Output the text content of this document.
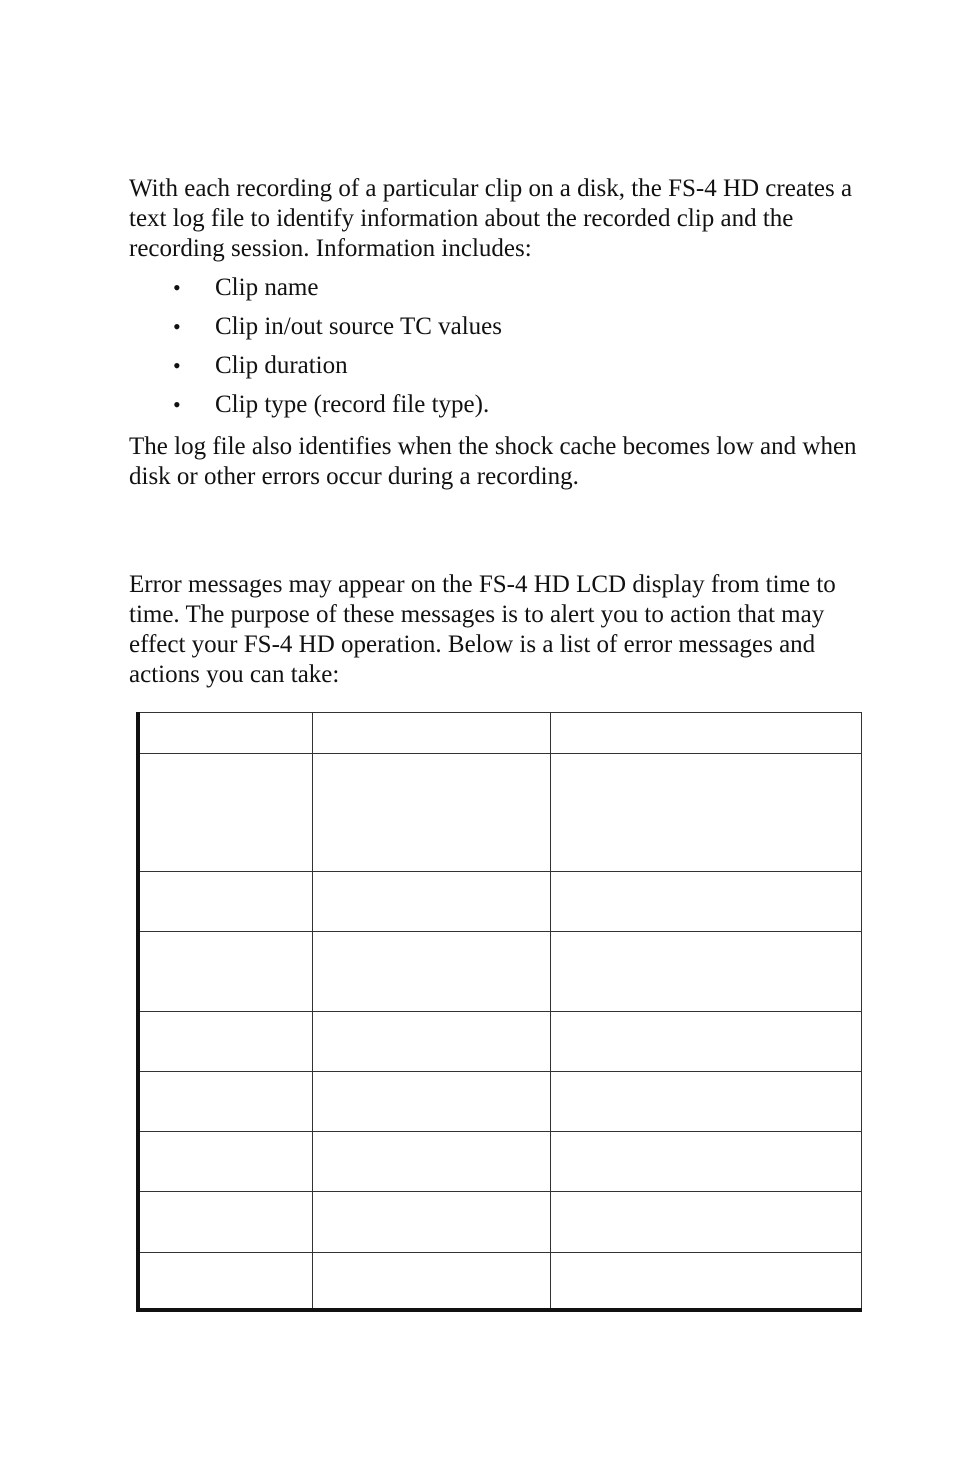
With each recording of a particular clip on a disk, the FS-4 HD creates a text log file to identify information about the recorded clip and the recording session. Information includes:

• Clip name
• Clip in/out source TC values
• Clip duration
• Clip type (record file type).

The log file also identifies when the shock cache becomes low and when disk or other errors occur during a recording.

Error messages may appear on the FS-4 HD LCD display from time to time. The purpose of these messages is to alert you to action that may effect your FS-4 HD operation. Below is a list of error messages and actions you can take:
